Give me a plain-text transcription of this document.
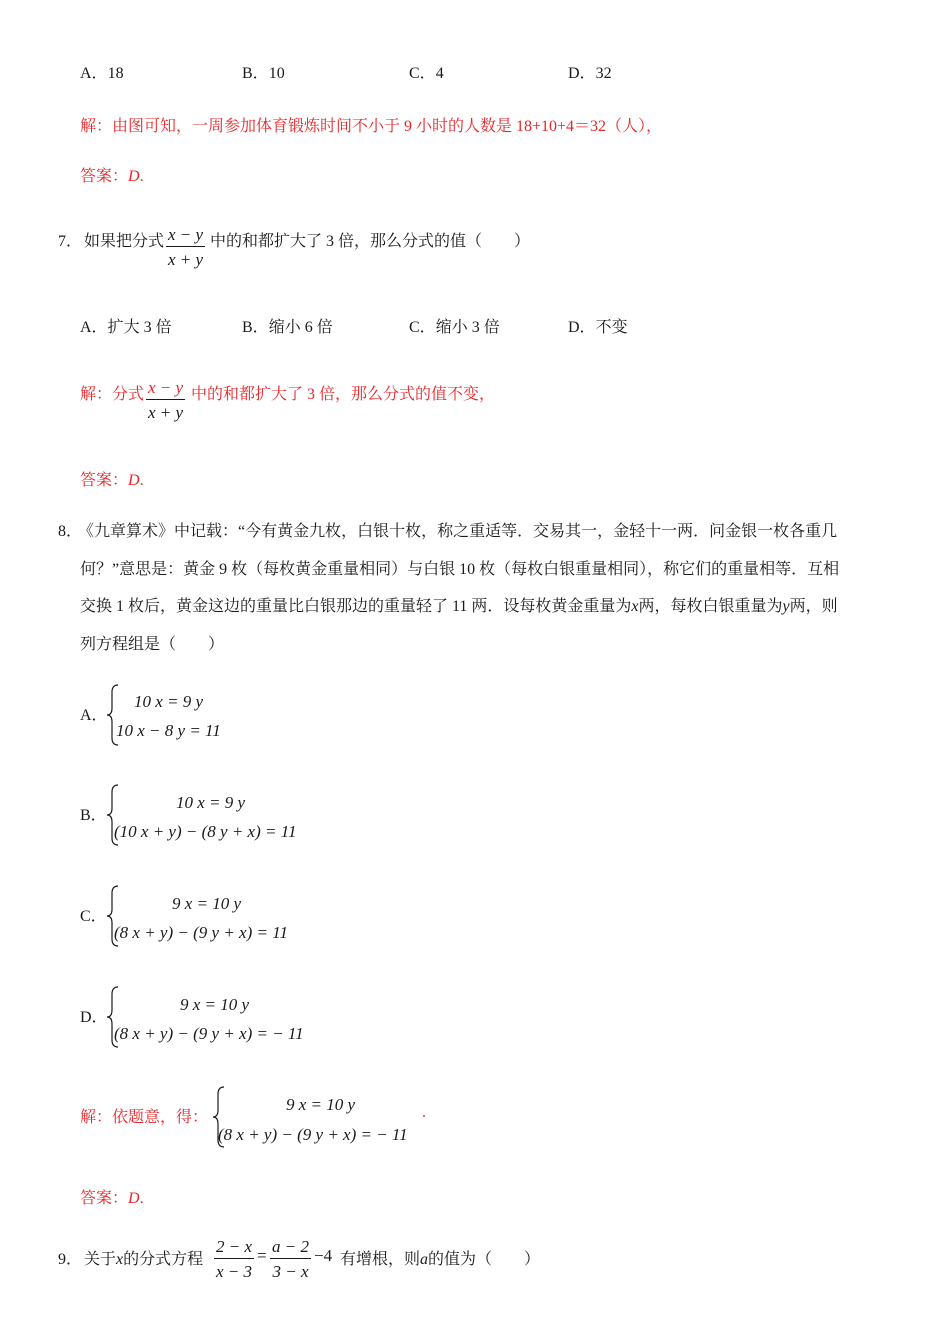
A．18	B．10	C．4	D．32
解：由图可知，一周参加体育锻炼时间不小于 9 小时的人数是 18+10+4＝32（人），
答案：D.
7． 如果把分式 $\frac{x - y}{x + y}$ 中的和都扩大了 3 倍，那么分式的值（　　）
A．扩大 3 倍	B．缩小 6 倍	C．缩小 3 倍	D．不变
解：分式 $\frac{x - y}{x + y}$ 中的和都扩大了 3 倍，那么分式的值不变，
答案：D.
8．
《九章算术》中记载：“今有黄金九枚，白银十枚，称之重适等．交易其一，金轻十一两．问金银一枚各重几
何？”意思是：黄金 9 枚（每枚黄金重量相同）与白银 10 枚（每枚白银重量相同），称它们的重量相等．互相
交换 1 枚后，黄金这边的重量比白银那边的重量轻了 11 两．设每枚黄金重量为x两，每枚白银重量为y两，则
列方程组是（　　）
A．
10 x = 9 y
10 x − 8 y = 11
B．
10 x = 9 y
(10 x + y) − (8 y + x) = 11
C．
9 x = 10 y
(8 x + y) − (9 y + x) = 11
D．
9 x = 10 y
(8 x + y) − (9 y + x) = − 11
解：依题意，得：
9 x = 10 y
(8 x + y) − (9 y + x) = − 11
.
答案：D.
9． 关于x的分式方程 $\frac{2 - x}{x - 3} = \frac{a - 2}{3 - x} -4$ 有增根，则a的值为（　　）
